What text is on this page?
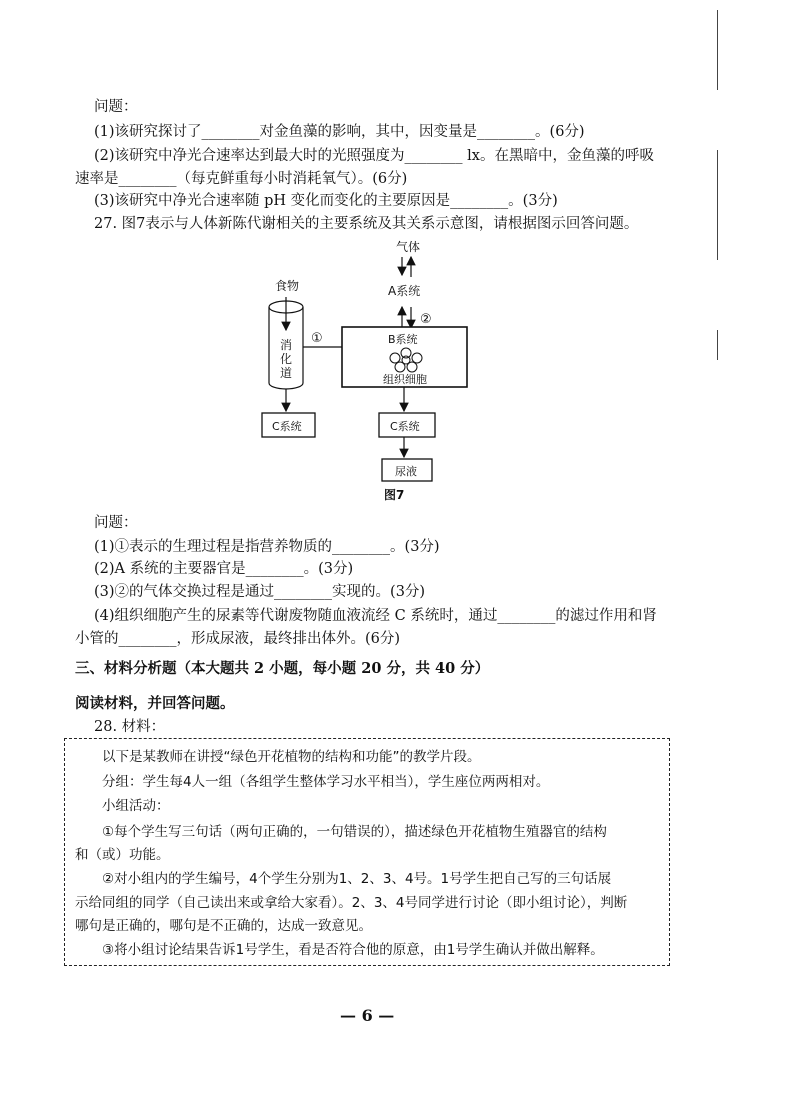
问题：
(1)该研究探讨了________对金鱼藻的影响，其中，因变量是________。(6分)
(2)该研究中净光合速率达到最大时的光照强度为________ lx。在黑暗中，金鱼藻的呼吸
速率是________（每克鲜重每小时消耗氧气）。(6分)
(3)该研究中净光合速率随 pH 变化而变化的主要原因是________。(3分)
27. 图7表示与人体新陈代谢相关的主要系统及其关系示意图，请根据图示回答问题。
气体
A系统
②
食物
消
化
道
①	B系统
组织细胞
C系统	C系统
尿液
图7
问题：
(1)①表示的生理过程是指营养物质的________。(3分)
(2)A 系统的主要器官是________。(3分)
(3)②的气体交换过程是通过________实现的。(3分)
(4)组织细胞产生的尿素等代谢废物随血液流经 C 系统时，通过________的滤过作用和肾
小管的________，形成尿液，最终排出体外。(6分)
三、材料分析题（本大题共 2 小题，每小题 20 分，共 40 分）
阅读材料，并回答问题。
28. 材料：
以下是某教师在讲授“绿色开花植物的结构和功能”的教学片段。
分组：学生每4人一组（各组学生整体学习水平相当），学生座位两两相对。
小组活动：
①每个学生写三句话（两句正确的，一句错误的），描述绿色开花植物生殖器官的结构
和（或）功能。
②对小组内的学生编号，4个学生分别为1、2、3、4号。1号学生把自己写的三句话展
示给同组的同学（自己读出来或拿给大家看）。2、3、4号同学进行讨论（即小组讨论），判断
哪句是正确的，哪句是不正确的，达成一致意见。
③将小组讨论结果告诉1号学生，看是否符合他的原意，由1号学生确认并做出解释。
— 6 —
